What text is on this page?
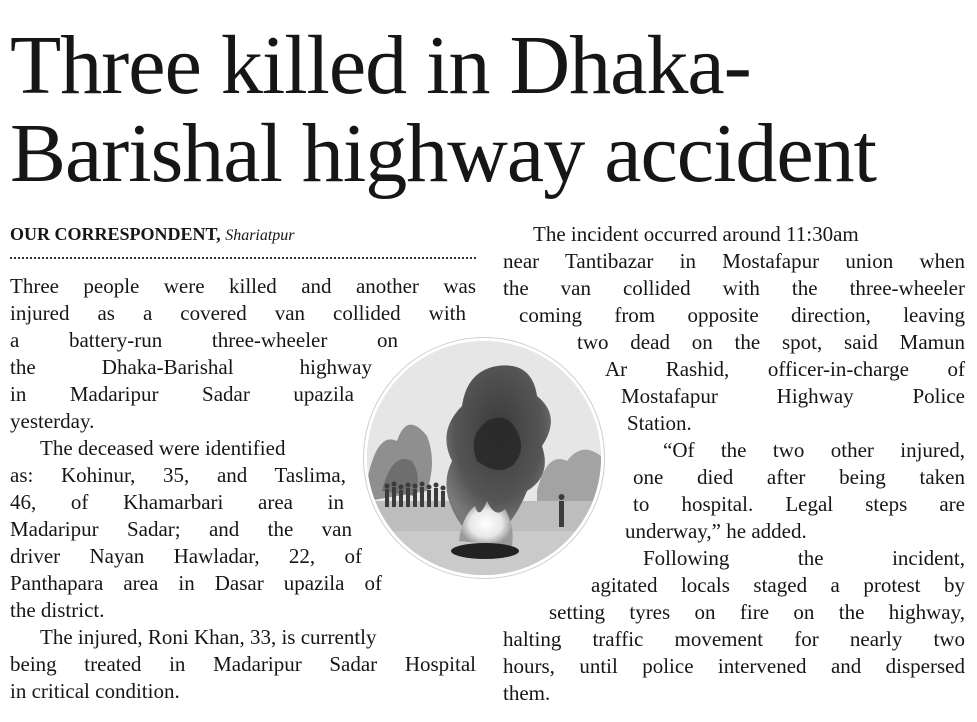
Three killed in Dhaka-
Barishal highway accident
OUR CORRESPONDENT, Shariatpur
Three people were killed and another was
injured as a covered van collided with
a battery-run three-wheeler on
the Dhaka-Barishal highway
in Madaripur Sadar upazila
yesterday.
The deceased were identified
as: Kohinur, 35, and Taslima,
46, of Khamarbari area in
Madaripur Sadar; and the van
driver Nayan Hawladar, 22, of
Panthapara area in Dasar upazila of
the district.
The injured, Roni Khan, 33, is currently
being treated in Madaripur Sadar Hospital
in critical condition.
The incident occurred around 11:30am
near Tantibazar in Mostafapur union when
the van collided with the three-wheeler
coming from opposite direction, leaving
two dead on the spot, said Mamun
Ar Rashid, officer-in-charge of
Mostafapur Highway Police
Station.
“Of the two other injured,
one died after being taken
to hospital. Legal steps are
underway,” he added.
Following the incident,
agitated locals staged a protest by
setting tyres on fire on the highway,
halting traffic movement for nearly two
hours, until police intervened and dispersed
them.
